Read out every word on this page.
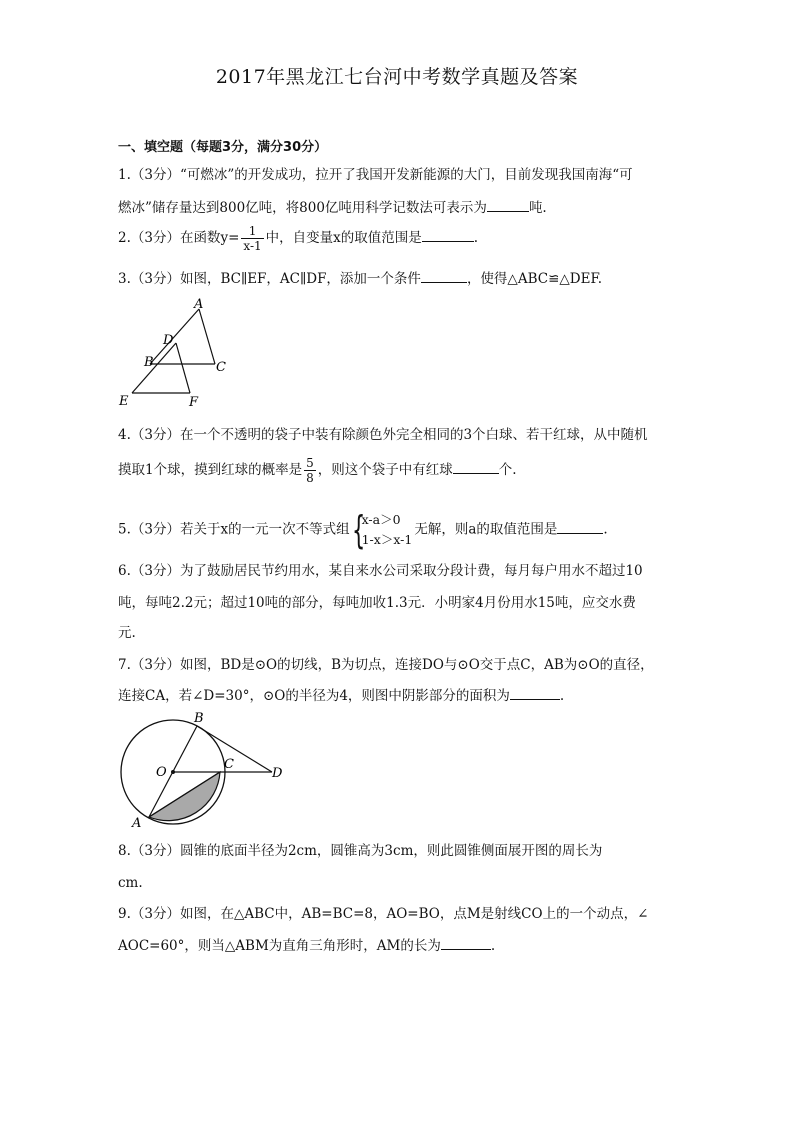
2017年黑龙江七台河中考数学真题及答案
一、填空题（每题3分，满分30分）
1.（3分）“可燃冰”的开发成功，拉开了我国开发新能源的大门，目前发现我国南海“可
燃冰”储存量达到800亿吨，将800亿吨用科学记数法可表示为	吨.
2.（3分）在函数$y= \frac{1}{x-1}$ 中，自变量x的取值范围是	.
3.（3分）如图，BC∥EF，AC∥DF，添加一个条件	，使得△ABC≌△DEF.
A
D
B	C
E	F
4.（3分）在一个不透明的袋子中装有除颜色外完全相同的3个白球、若干红球，从中随机
摸取1个球，摸到红球的概率是 $\frac{5}{8}$ ，则这个袋子中有红球	个.
5.（3分）若关于x的一元一次不等式组 {
x-a＞0
1-x＞x-1
无解，则a的取值范围是	.
6.（3分）为了鼓励居民节约用水，某自来水公司采取分段计费，每月每户用水不超过10
吨，每吨2.2元；超过10吨的部分，每吨加收1.3元．小明家4月份用水15吨，应交水费
元.
7.（3分）如图，BD是⊙O的切线，B为切点，连接DO与⊙O交于点C，AB为⊙O的直径，
连接CA，若∠D=30°，⊙O的半径为4，则图中阴影部分的面积为	.
B
O
C
D
A
8.（3分）圆锥的底面半径为2cm，圆锥高为3cm，则此圆锥侧面展开图的周长为
cm.
9.（3分）如图，在△ABC中，AB=BC=8，AO=BO，点M是射线CO上的一个动点，∠
AOC=60°，则当△ABM为直角三角形时，AM的长为	.
